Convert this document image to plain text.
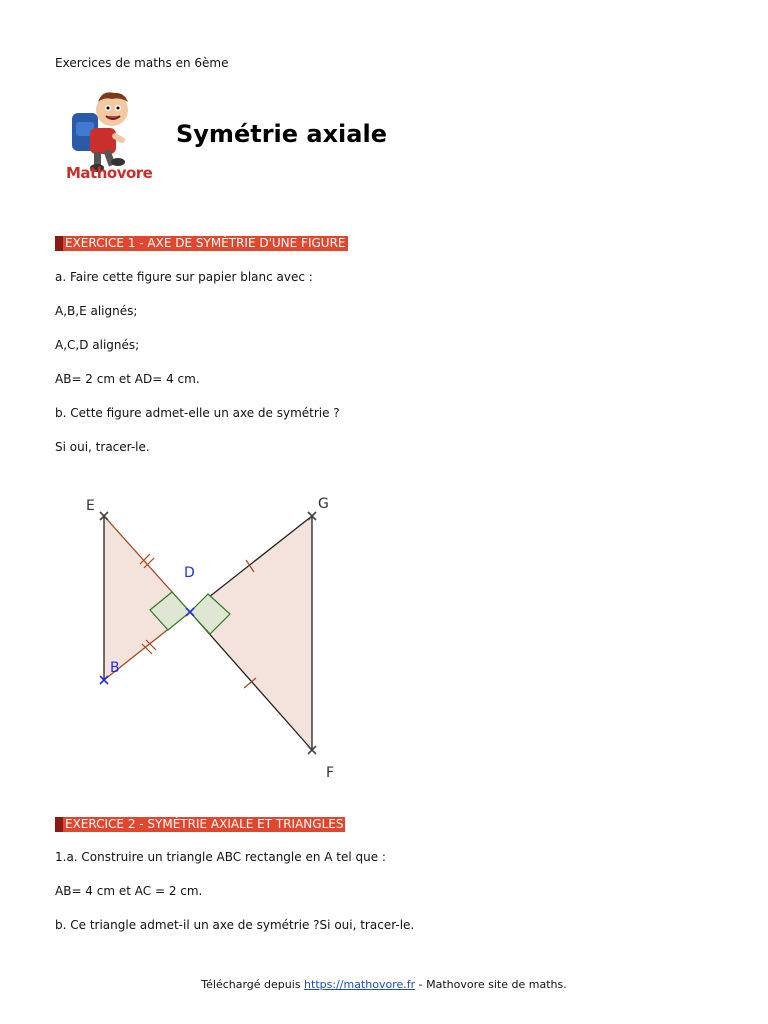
Exercices de maths en 6ème
Mathovore
Symétrie axiale
EXERCICE 1 - AXE DE SYMÉTRIE D'UNE FIGURE
a. Faire cette figure sur papier blanc avec :
A,B,E alignés;
A,C,D alignés;
AB= 2 cm et AD= 4 cm.
b. Cette figure admet-elle un axe de symétrie ?
Si oui, tracer-le.
E	G
D
B
F
EXERCICE 2 - SYMÉTRIE AXIALE ET TRIANGLES
1.a. Construire un triangle ABC rectangle en A tel que :
AB= 4 cm et AC = 2 cm.
b. Ce triangle admet-il un axe de symétrie ?Si oui, tracer-le.
Téléchargé depuis https://mathovore.fr - Mathovore site de maths.
